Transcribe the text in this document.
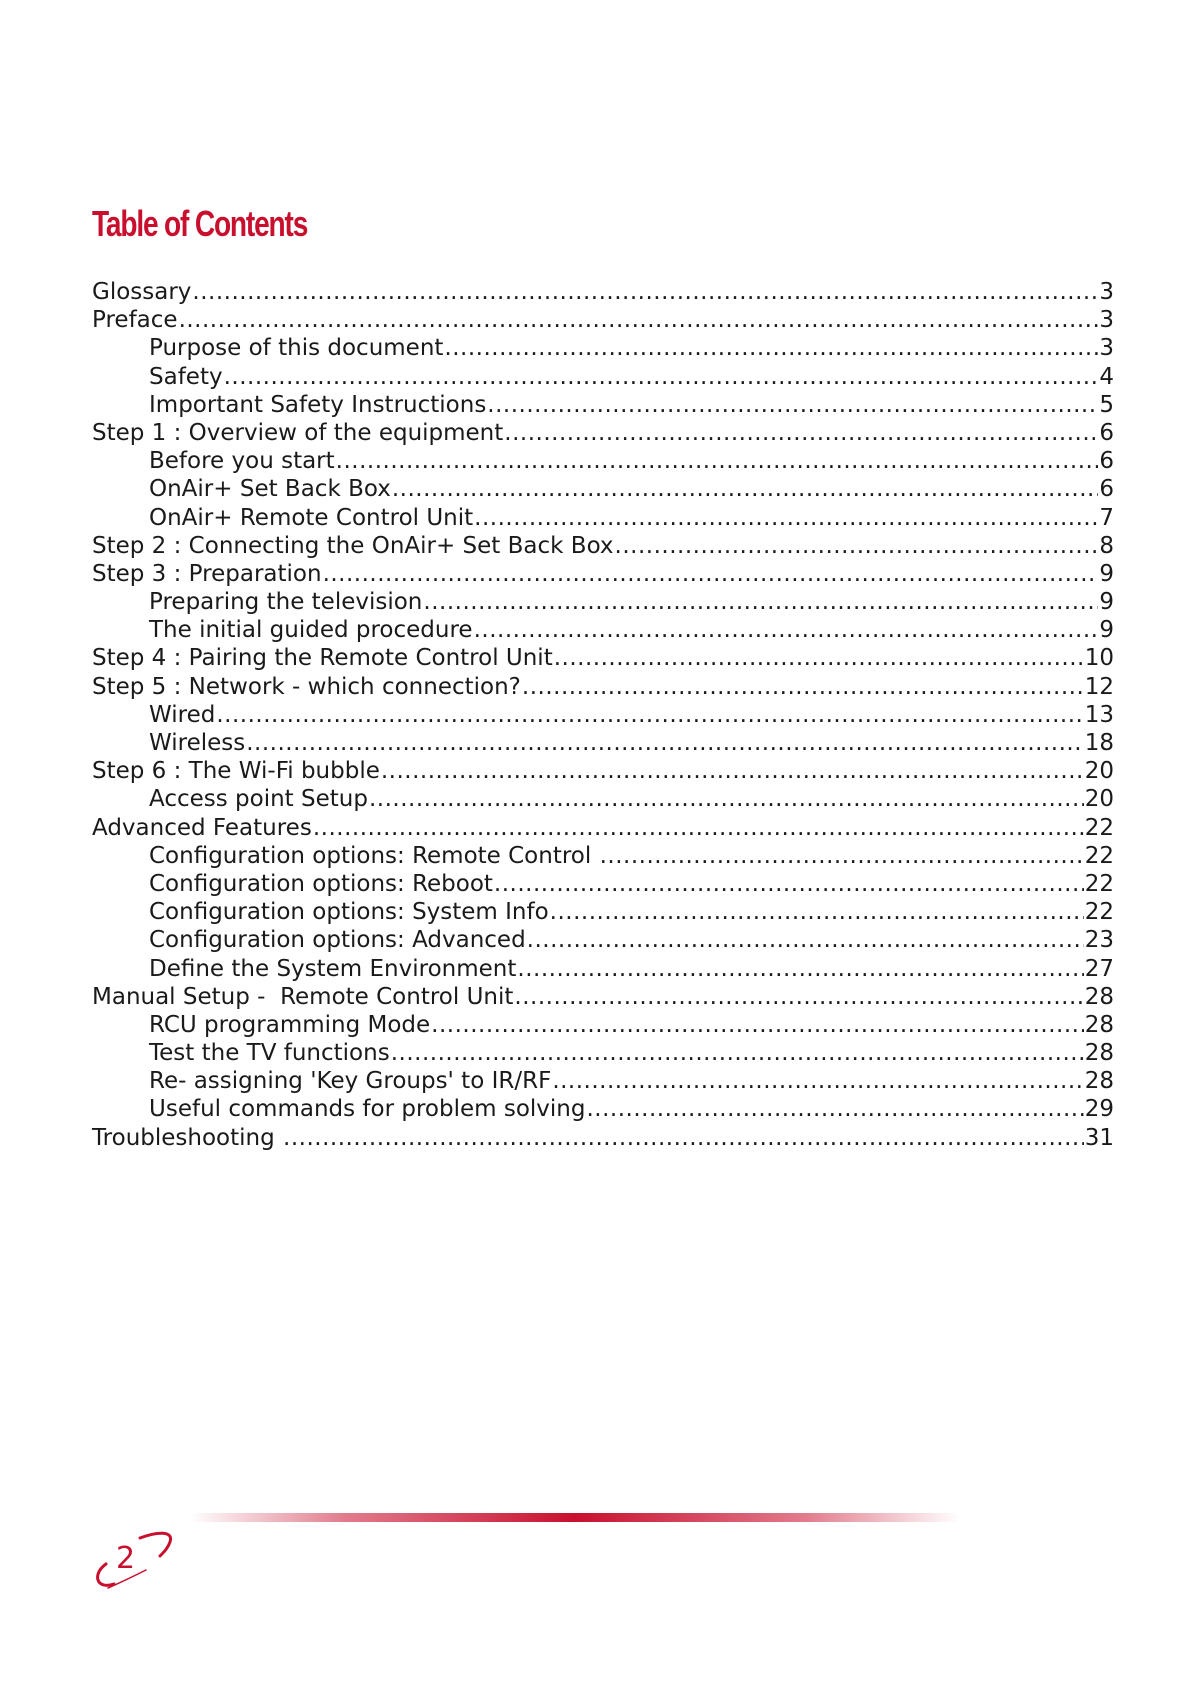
Table of Contents
Glossary .....	3
Preface .....	3
Purpose of this document .....	3
Safety .....	4
Important Safety Instructions .....	5
Step 1 : Overview of the equipment .....	6
Before you start .....	6
OnAir+ Set Back Box .....	6
OnAir+ Remote Control Unit .....	7
Step 2 : Connecting the OnAir+ Set Back Box .....	8
Step 3 : Preparation .....	9
Preparing the television .....	9
The initial guided procedure .....	9
Step 4 : Pairing the Remote Control Unit .....	10
Step 5 : Network - which connection? .....	12
Wired .....	13
Wireless .....	18
Step 6 : The Wi-Fi bubble .....	20
Access point Setup .....	20
Advanced Features .....	22
Configuration options: Remote Control .....	22
Configuration options: Reboot .....	22
Configuration options: System Info .....	22
Configuration options: Advanced .....	23
Define the System Environment .....	27
Manual Setup -  Remote Control Unit .....	28
RCU programming Mode .....	28
Test the TV functions .....	28
Re- assigning 'Key Groups' to IR/RF .....	28
Useful commands for problem solving .....	29
Troubleshooting .....	31
2
